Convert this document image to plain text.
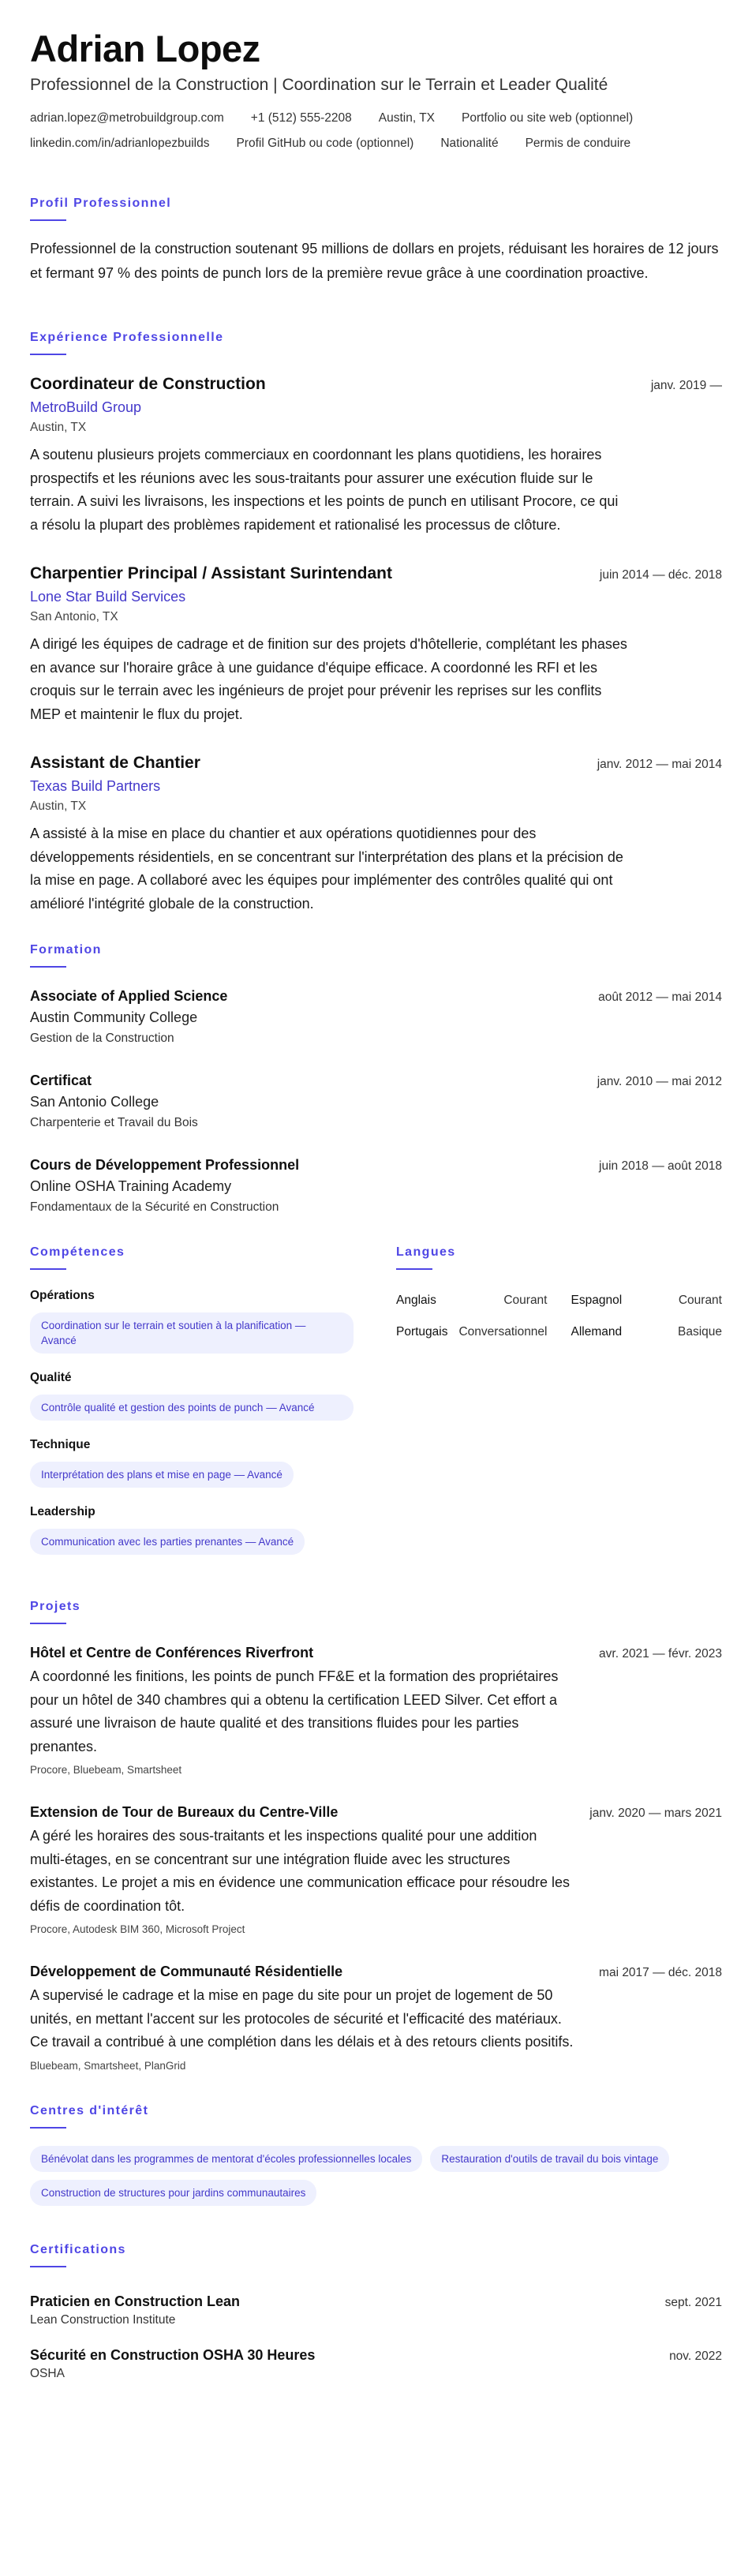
Adrian Lopez
Professionnel de la Construction | Coordination sur le Terrain et Leader Qualité
adrian.lopez@metrobuildgroup.com +1 (512) 555-2208 Austin, TX Portfolio ou site web (optionnel)
linkedin.com/in/adrianlopezbuilds Profil GitHub ou code (optionnel) Nationalité Permis de conduire
Profil Professionnel

Professionnel de la construction soutenant 95 millions de dollars en projets, réduisant les horaires de 12 jours et fermant 97 % des points de punch lors de la première revue grâce à une coordination proactive.

Expérience Professionnelle
Coordinateur de Construction	janv. 2019 —
MetroBuild Group
Austin, TX

A soutenu plusieurs projets commerciaux en coordonnant les plans quotidiens, les horaires prospectifs et les réunions avec les sous-traitants pour assurer une exécution fluide sur le terrain. A suivi les livraisons, les inspections et les points de punch en utilisant Procore, ce qui a résolu la plupart des problèmes rapidement et rationalisé les processus de clôture.

Charpentier Principal / Assistant Surintendant	juin 2014 — déc. 2018
Lone Star Build Services
San Antonio, TX

A dirigé les équipes de cadrage et de finition sur des projets d'hôtellerie, complétant les phases en avance sur l'horaire grâce à une guidance d'équipe efficace. A coordonné les RFI et les croquis sur le terrain avec les ingénieurs de projet pour prévenir les reprises sur les conflits MEP et maintenir le flux du projet.

Assistant de Chantier	janv. 2012 — mai 2014
Texas Build Partners
Austin, TX

A assisté à la mise en place du chantier et aux opérations quotidiennes pour des développements résidentiels, en se concentrant sur l'interprétation des plans et la précision de la mise en page. A collaboré avec les équipes pour implémenter des contrôles qualité qui ont amélioré l'intégrité globale de la construction.

Formation
Associate of Applied Science	août 2012 — mai 2014
Austin Community College
Gestion de la Construction
Certificat	janv. 2010 — mai 2012
San Antonio College
Charpenterie et Travail du Bois
Cours de Développement Professionnel	juin 2018 — août 2018
Online OSHA Training Academy
Fondamentaux de la Sécurité en Construction
Compétences
Opérations
Coordination sur le terrain et soutien à la planification — Avancé
Qualité
Contrôle qualité et gestion des points de punch — Avancé
Technique
Interprétation des plans et mise en page — Avancé
Leadership
Communication avec les parties prenantes — Avancé
Langues
Anglais	Courant Espagnol	Courant
Portugais Conversationnel Allemand	Basique
Projets
Hôtel et Centre de Conférences Riverfront	avr. 2021 — févr. 2023

A coordonné les finitions, les points de punch FF&E et la formation des propriétaires pour un hôtel de 340 chambres qui a obtenu la certification LEED Silver. Cet effort a assuré une livraison de haute qualité et des transitions fluides pour les parties prenantes.

Procore, Bluebeam, Smartsheet
Extension de Tour de Bureaux du Centre-Ville	janv. 2020 — mars 2021

A géré les horaires des sous-traitants et les inspections qualité pour une addition multi-étages, en se concentrant sur une intégration fluide avec les structures existantes. Le projet a mis en évidence une communication efficace pour résoudre les défis de coordination tôt.

Procore, Autodesk BIM 360, Microsoft Project
Développement de Communauté Résidentielle	mai 2017 — déc. 2018

A supervisé le cadrage et la mise en page du site pour un projet de logement de 50 unités, en mettant l'accent sur les protocoles de sécurité et l'efficacité des matériaux. Ce travail a contribué à une complétion dans les délais et à des retours clients positifs.

Bluebeam, Smartsheet, PlanGrid
Centres d'intérêt
Bénévolat dans les programmes de mentorat d'écoles professionnelles locales	Restauration d'outils de travail du bois vintage
Construction de structures pour jardins communautaires
Certifications
Praticien en Construction Lean	sept. 2021
Lean Construction Institute
Sécurité en Construction OSHA 30 Heures	nov. 2022
OSHA
